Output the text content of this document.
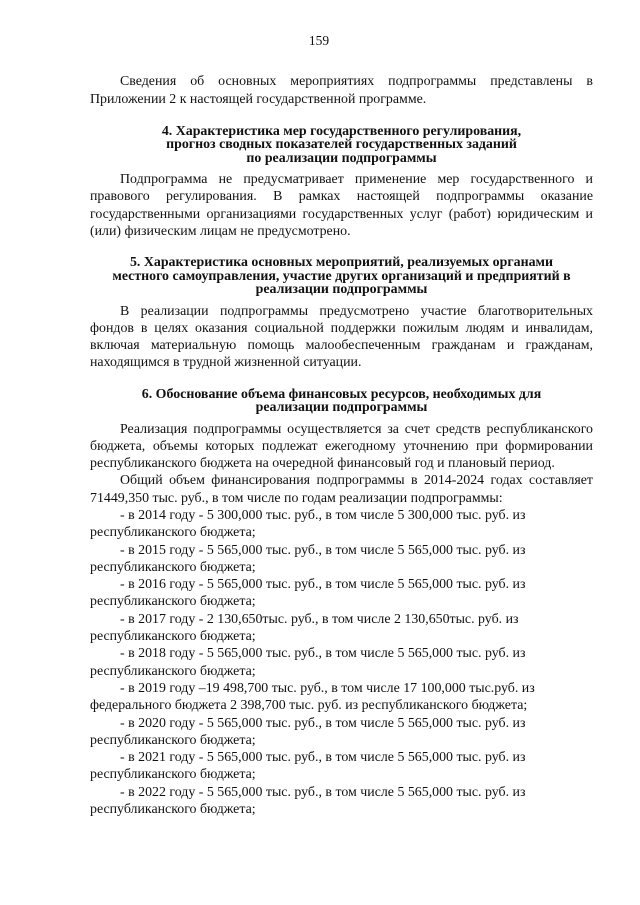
159

Сведения об основных мероприятиях подпрограммы представлены в Приложении 2 к настоящей государственной программе.

4. Характеристика мер государственного регулирования,
прогноз сводных показателей государственных заданий
по реализации подпрограммы

Подпрограмма не предусматривает применение мер государственного и правового регулирования. В рамках настоящей подпрограммы оказание государственными организациями государственных услуг (работ) юридическим и (или) физическим лицам не предусмотрено.

5. Характеристика основных мероприятий, реализуемых органами
местного самоуправления, участие других организаций и предприятий в
реализации подпрограммы

В реализации подпрограммы предусмотрено участие благотворительных фондов в целях оказания социальной поддержки пожилым людям и инвалидам, включая материальную помощь малообеспеченным гражданам и гражданам, находящимся в трудной жизненной ситуации.

6. Обоснование объема финансовых ресурсов, необходимых для
реализации подпрограммы

Реализация подпрограммы осуществляется за счет средств республиканского бюджета, объемы которых подлежат ежегодному уточнению при формировании республиканского бюджета на очередной финансовый год и плановый период.

Общий объем финансирования подпрограммы в 2014-2024 годах составляет 71449,350 тыс. руб., в том числе по годам реализации подпрограммы:

- в 2014 году - 5 300,000 тыс. руб., в том числе 5 300,000 тыс. руб. из
республиканского бюджета;

- в 2015 году - 5 565,000 тыс. руб., в том числе 5 565,000 тыс. руб. из
республиканского бюджета;

- в 2016 году - 5 565,000 тыс. руб., в том числе 5 565,000 тыс. руб. из
республиканского бюджета;

- в 2017 году - 2 130,650тыс. руб., в том числе 2 130,650тыс. руб. из
республиканского бюджета;

- в 2018 году - 5 565,000 тыс. руб., в том числе 5 565,000 тыс. руб. из
республиканского бюджета;

- в 2019 году –19 498,700 тыс. руб., в том числе 17 100,000 тыс.руб. из
федерального бюджета 2 398,700 тыс. руб. из республиканского бюджета;

- в 2020 году - 5 565,000 тыс. руб., в том числе 5 565,000 тыс. руб. из
республиканского бюджета;

- в 2021 году - 5 565,000 тыс. руб., в том числе 5 565,000 тыс. руб. из
республиканского бюджета;

- в 2022 году - 5 565,000 тыс. руб., в том числе 5 565,000 тыс. руб. из
республиканского бюджета;
